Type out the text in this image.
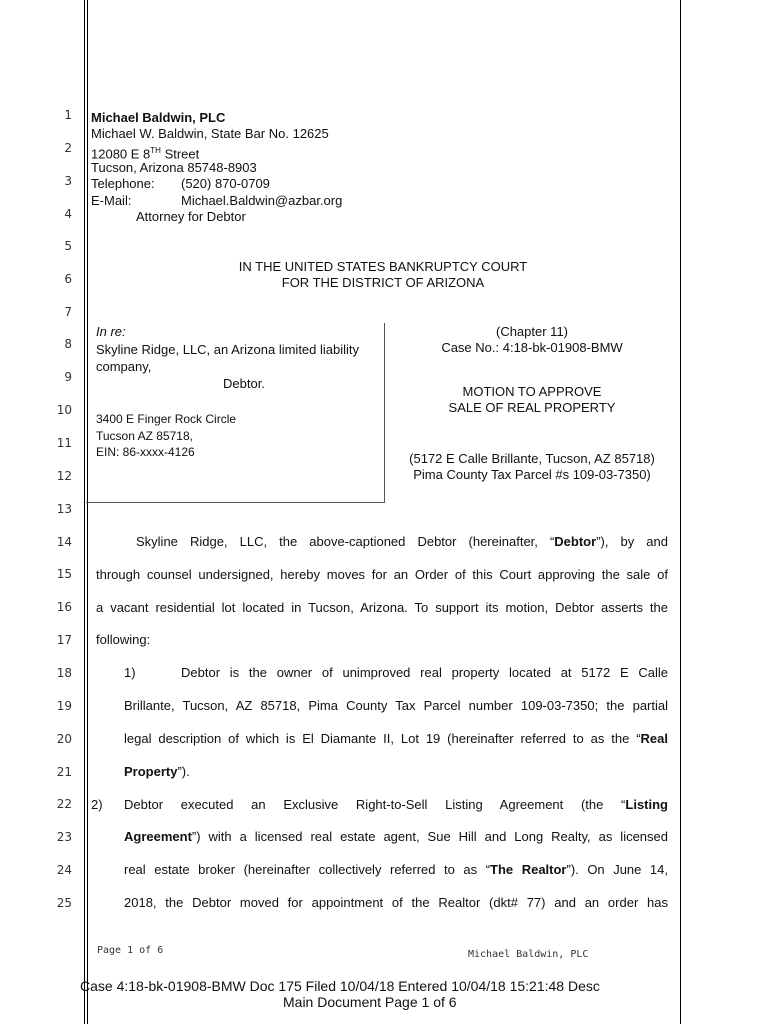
1
2
3
4
5
6
7
8
9
10
11
12
13
14
15
16
17
18
19
20
21
22
23
24
25
Michael Baldwin, PLC
Michael W. Baldwin, State Bar No. 12625
12080 E 8TH Street
Tucson, Arizona 85748-8903
Telephone: (520) 870-0709
E-Mail:	Michael.Baldwin@azbar.org
Attorney for Debtor
IN THE UNITED STATES BANKRUPTCY COURT
FOR THE DISTRICT OF ARIZONA
In re:
Skyline Ridge, LLC, an Arizona limited liability
company,
Debtor.
3400 E Finger Rock Circle
Tucson AZ 85718,
EIN: 86-xxxx-4126
(Chapter 11)
Case No.: 4:18-bk-01908-BMW
MOTION TO APPROVE
SALE OF REAL PROPERTY
(5172 E Calle Brillante, Tucson, AZ 85718)
Pima County Tax Parcel #s 109-03-7350)
Skyline Ridge, LLC, the above-captioned Debtor (hereinafter, “Debtor”), by and
through counsel undersigned, hereby moves for an Order of this Court approving the sale of
a vacant residential lot located in Tucson, Arizona. To support its motion, Debtor asserts the
following:
1)	Debtor is the owner of unimproved real property located at 5172 E Calle
Brillante, Tucson, AZ 85718, Pima County Tax Parcel number 109-03-7350; the partial
legal description of which is El Diamante II, Lot 19 (hereinafter referred to as the “Real
Property”).
2) Debtor executed an Exclusive Right-to-Sell Listing Agreement (the “Listing
Agreement”) with a licensed real estate agent, Sue Hill and Long Realty, as licensed
real estate broker (hereinafter collectively referred to as “The Realtor”). On June 14,
2018, the Debtor moved for appointment of the Realtor (dkt# 77) and an order has
Page 1 of 6	Michael Baldwin, PLC
Case 4:18-bk-01908-BMW Doc 175 Filed 10/04/18 Entered 10/04/18 15:21:48 Desc
Main Document Page 1 of 6
